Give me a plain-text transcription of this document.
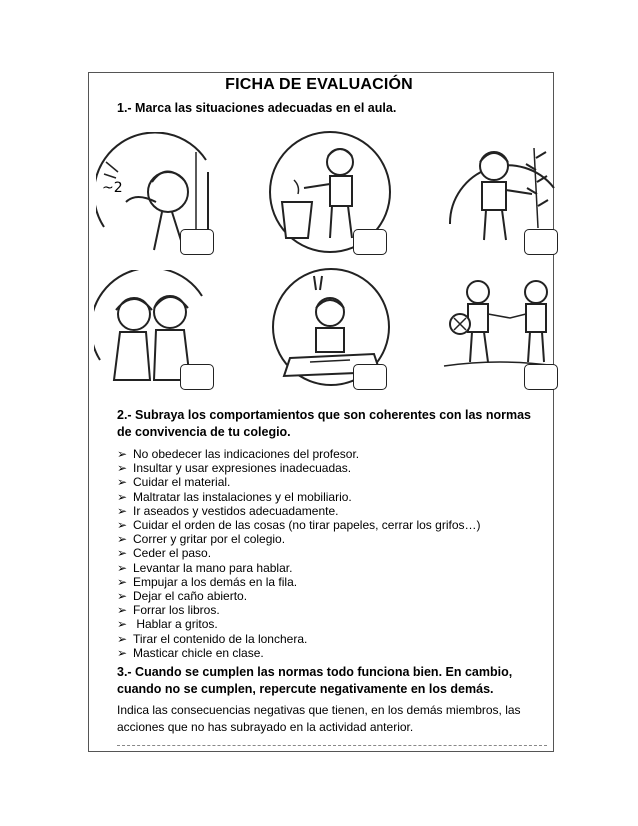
FICHA DE EVALUACIÓN
1.- Marca las situaciones adecuadas en el aula.
~2
2.- Subraya los comportamientos que son coherentes con las normas de convivencia de tu colegio.
➢ No obedecer las indicaciones del profesor.
➢ Insultar y usar expresiones inadecuadas.
➢ Cuidar el material.
➢ Maltratar las instalaciones y el mobiliario.
➢ Ir aseados y vestidos adecuadamente.
➢ Cuidar el orden de las cosas (no tirar papeles, cerrar los grifos…)
➢ Correr y gritar por el colegio.
➢ Ceder el paso.
➢ Levantar la mano para hablar.
➢ Empujar a los demás en la fila.
➢ Dejar el caño abierto.
➢ Forrar los libros.
➢ Hablar a gritos.
➢ Tirar el contenido de la lonchera.
➢ Masticar chicle en clase.
3.- Cuando se cumplen las normas todo funciona bien. En cambio, cuando no se cumplen, repercute negativamente en los demás.
Indica las consecuencias negativas que tienen, en los demás miembros, las acciones que no has subrayado en la actividad anterior.
